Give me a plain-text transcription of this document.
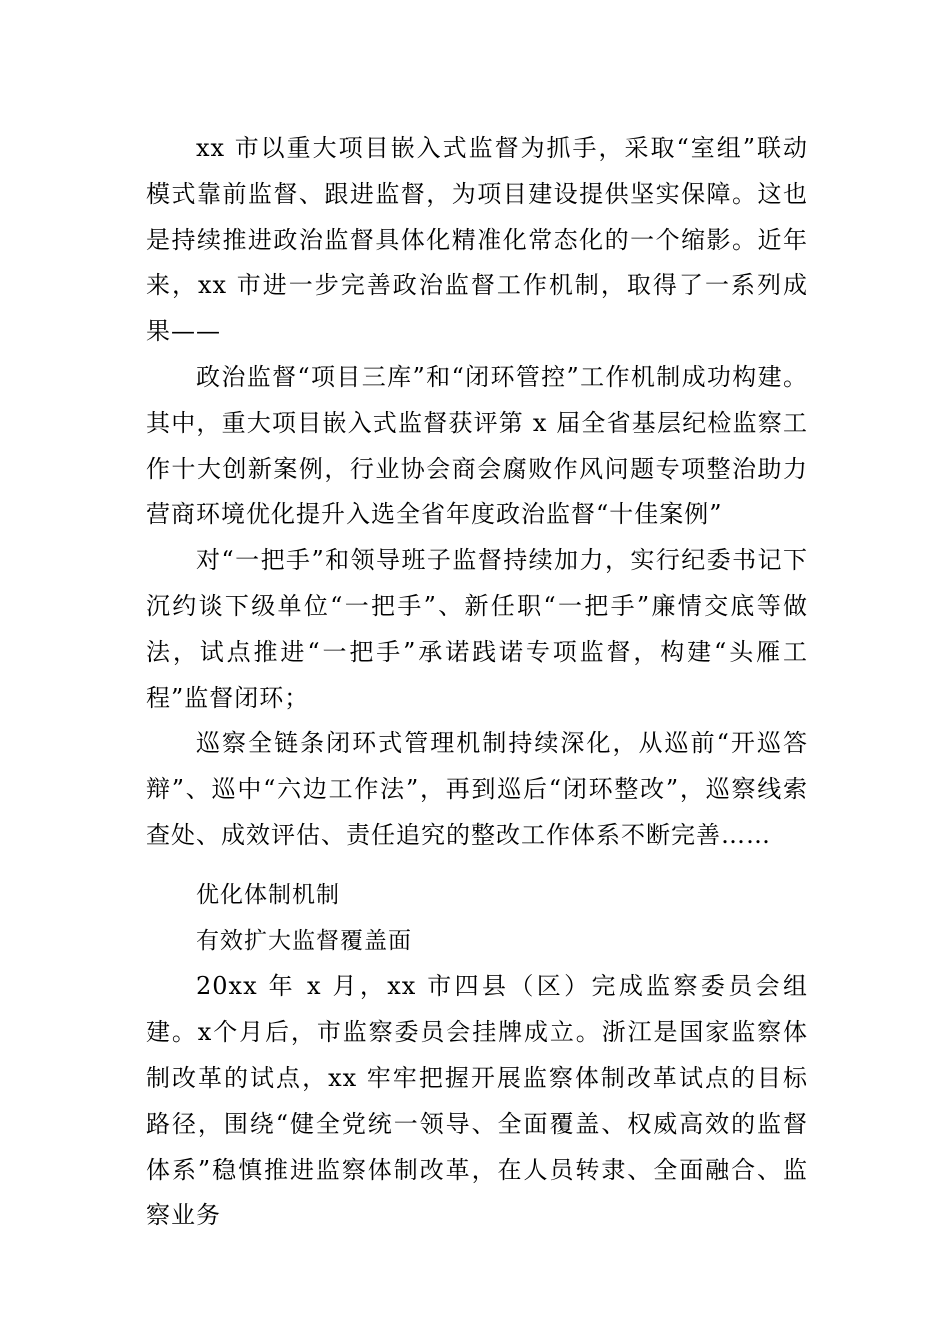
xx 市以重大项目嵌入式监督为抓手，采取“室组”联动模式靠前监督、跟进监督，为项目建设提供坚实保障。这也是持续推进政治监督具体化精准化常态化的一个缩影。近年来，xx 市进一步完善政治监督工作机制，取得了一系列成果——

政治监督“项目三库”和“闭环管控”工作机制成功构建。其中，重大项目嵌入式监督获评第 x 届全省基层纪检监察工作十大创新案例，行业协会商会腐败作风问题专项整治助力营商环境优化提升入选全省年度政治监督“十佳案例”

对“一把手”和领导班子监督持续加力，实行纪委书记下沉约谈下级单位“一把手”、新任职“一把手”廉情交底等做法，试点推进“一把手”承诺践诺专项监督，构建“头雁工程”监督闭环；

巡察全链条闭环式管理机制持续深化，从巡前“开巡答辩”、巡中“六边工作法”，再到巡后“闭环整改”，巡察线索查处、成效评估、责任追究的整改工作体系不断完善……

优化体制机制
有效扩大监督覆盖面

20xx 年 x 月，xx 市四县（区）完成监察委员会组建。x个月后，市监察委员会挂牌成立。浙江是国家监察体制改革的试点，xx 牢牢把握开展监察体制改革试点的目标路径，围绕“健全党统一领导、全面覆盖、权威高效的监督体系”稳慎推进监察体制改革，在人员转隶、全面融合、监察业务
